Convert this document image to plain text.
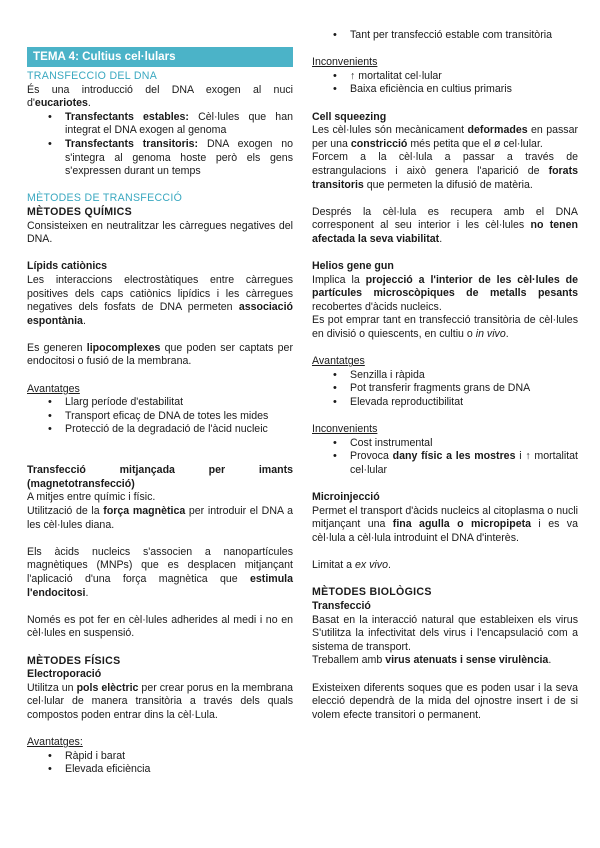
TEMA 4: Cultius cel·lulars
TRANSFECCIO DEL DNA

És una introducció del DNA exogen al nuci d'eucariotes.

• Transfectants estables: Cèl·lules que han integrat el DNA exogen al genoma
• Transfectants transitoris: DNA exogen no s'integra al genoma hoste però els gens s'expressen durant un temps
MÈTODES DE TRANSFECCIÓ
MÈTODES QUÍMICS

Consisteixen en neutralitzar les càrregues negatives del DNA.

Lípids catiònics

Les interaccions electrostàtiques entre càrregues positives dels caps catiònics lipídics i les càrregues negatives dels fosfats de DNA permeten associació espontània.

Es generen lipocomplexes que poden ser captats per endocitosi o fusió de la membrana.

Avantatges
• Llarg període d'estabilitat
• Transport eficaç de DNA de totes les mides
• Protecció de la degradació de l'àcid nucleic
Transfecció	mitjançada	per	imants
(magnetotransfecció)

A mitjes entre químic i físic.

Utilització de la força magnètica per introduir el DNA a les cèl·lules diana.

Els àcids nucleics s'associen a nanopartícules magnètiques (MNPs) que es desplacen mitjançant l'aplicació d'una força magnètica que estimula l'endocitosi.

Només es pot fer en cèl·lules adherides al medi i no en cèl·lules en suspensió.

MÈTODES FÍSICS
Electroporació

Utilitza un pols elèctric per crear porus en la membrana cel·lular de manera transitòria a través dels quals compostos poden entrar dins la cèl·Lula.

Avantatges:
• Ràpid i barat
• Elevada eficiència
• Tant per transfecció estable com transitòria
Inconvenients
• ↑ mortalitat cel·lular
• Baixa eficiència en cultius primaris
Cell squeezing

Les cèl·lules són mecànicament deformades en passar per una constricció més petita que el ø cel·lular.

Forcem a la cèl·lula a passar a través de estrangulacions i això genera l'aparició de forats transitoris que permeten la difusió de matèria.

Després la cèl·lula es recupera amb el DNA corresponent al seu interior i les cèl·lules no tenen afectada la seva viabilitat.

Helios gene gun

Implica la projecció a l'interior de les cèl·lules de partícules microscòpiques de metalls pesants recobertes d'àcids nucleics.

Es pot emprar tant en transfecció transitòria de cèl·lules en divisió o quiescents, en cultiu o in vivo.

Avantatges
• Senzilla i ràpida
• Pot transferir fragments grans de DNA
• Elevada reproductibilitat
Inconvenients
• Cost instrumental
• Provoca dany físic a les mostres i ↑ mortalitat cel·lular
Microinjecció

Permet el transport d'àcids nucleics al citoplasma o nucli mitjançant una fina agulla o micropipeta i es va cèl·lula a cèl·lula introduint el DNA d'interès.

Limitat a ex vivo.

MÈTODES BIOLÒGICS
Transfecció

Basat en la interacció natural que estableixen els virus S'utilitza la infectivitat dels virus i l'encapsulació com a sistema de transport.

Treballem amb virus atenuats i sense virulència.

Existeixen diferents soques que es poden usar i la seva elecció dependrà de la mida del ojnostre insert i de si volem efecte transitori o permanent.
